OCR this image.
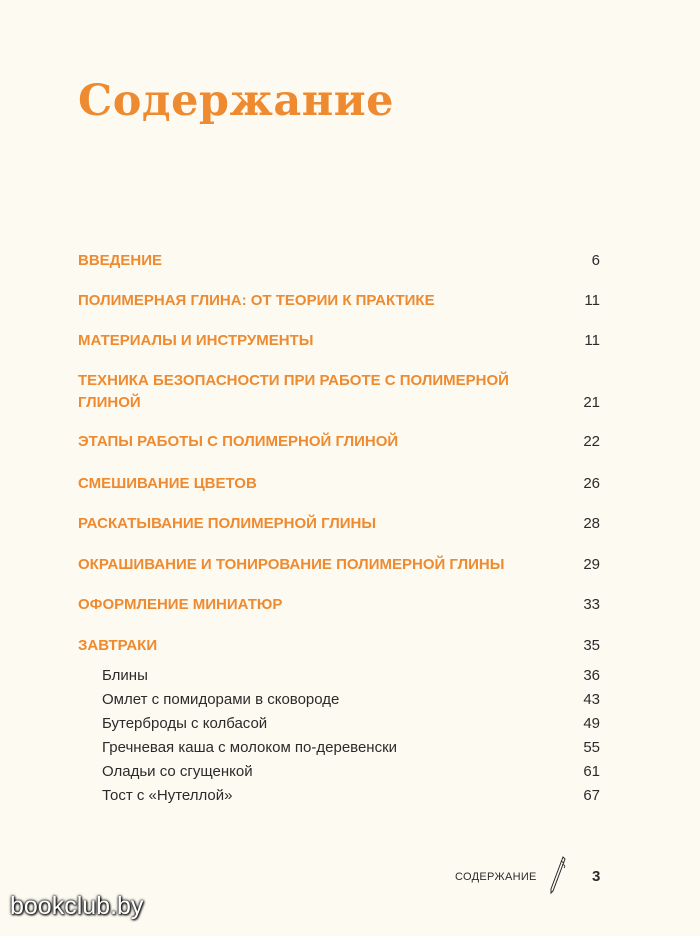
Содержание
ВВЕДЕНИЕ	6
ПОЛИМЕРНАЯ ГЛИНА: ОТ ТЕОРИИ К ПРАКТИКЕ	11
МАТЕРИАЛЫ И ИНСТРУМЕНТЫ	11
ТЕХНИКА БЕЗОПАСНОСТИ ПРИ РАБОТЕ С ПОЛИМЕРНОЙ ГЛИНОЙ	21
ЭТАПЫ РАБОТЫ С ПОЛИМЕРНОЙ ГЛИНОЙ	22
СМЕШИВАНИЕ ЦВЕТОВ	26
РАСКАТЫВАНИЕ ПОЛИМЕРНОЙ ГЛИНЫ	28
ОКРАШИВАНИЕ И ТОНИРОВАНИЕ ПОЛИМЕРНОЙ ГЛИНЫ	29
ОФОРМЛЕНИЕ МИНИАТЮР	33
ЗАВТРАКИ	35
Блины	36
Омлет с помидорами в сковороде	43
Бутерброды с колбасой	49
Гречневая каша с молоком по-деревенски	55
Оладьи со сгущенкой	61
Тост с «Нутеллой»	67
СОДЕРЖАНИЕ	3
bookclub.by
